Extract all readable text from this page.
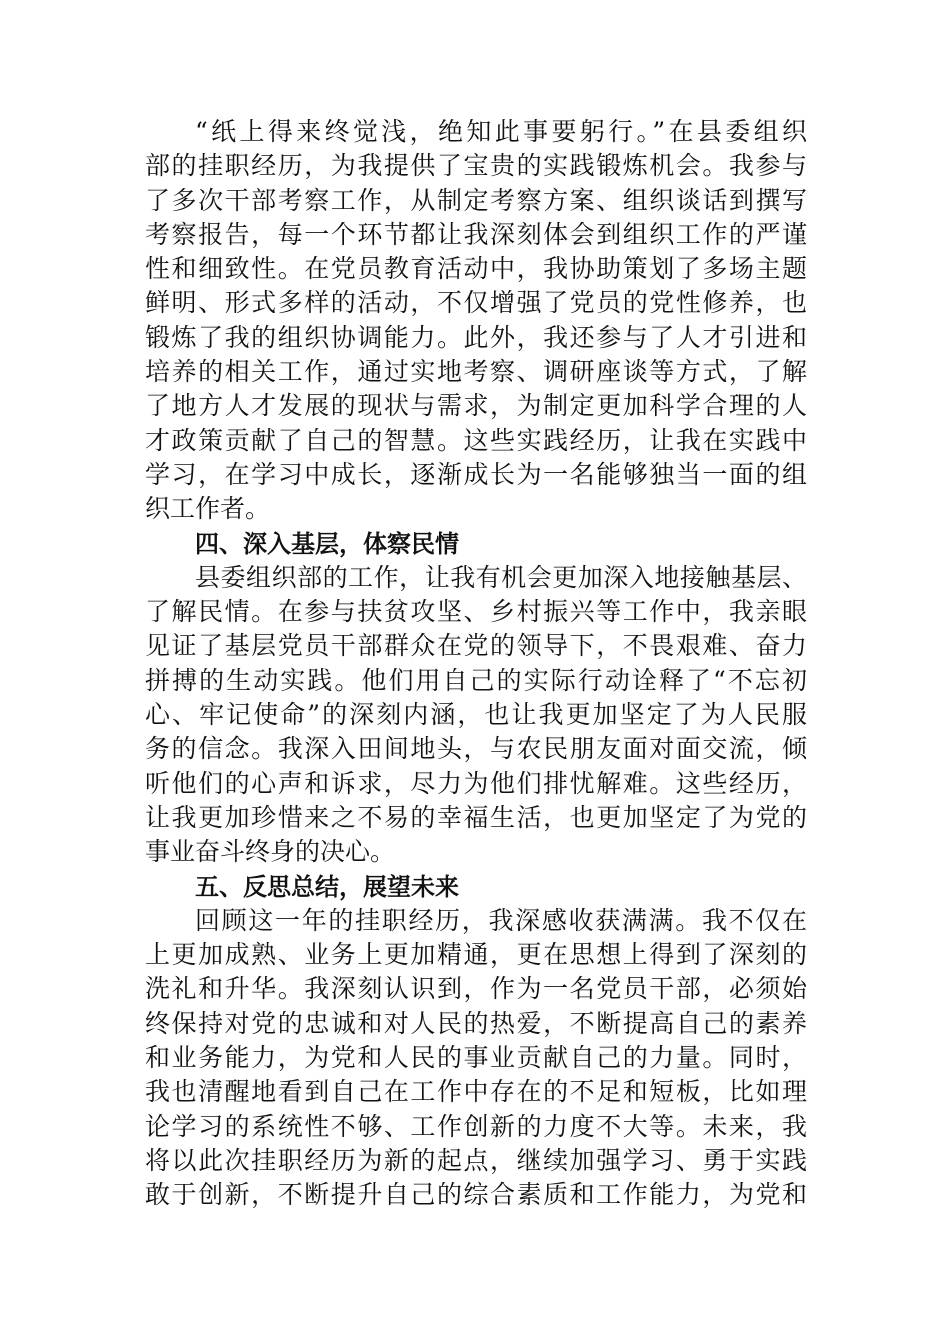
“纸上得来终觉浅，绝知此事要躬行。”在县委组织
部的挂职经历，为我提供了宝贵的实践锻炼机会。我参与
了多次干部考察工作，从制定考察方案、组织谈话到撰写
考察报告，每一个环节都让我深刻体会到组织工作的严谨
性和细致性。在党员教育活动中，我协助策划了多场主题
鲜明、形式多样的活动，不仅增强了党员的党性修养，也
锻炼了我的组织协调能力。此外，我还参与了人才引进和
培养的相关工作，通过实地考察、调研座谈等方式，了解
了地方人才发展的现状与需求，为制定更加科学合理的人
才政策贡献了自己的智慧。这些实践经历，让我在实践中
学习，在学习中成长，逐渐成长为一名能够独当一面的组
织工作者。
四、深入基层，体察民情
县委组织部的工作，让我有机会更加深入地接触基层、
了解民情。在参与扶贫攻坚、乡村振兴等工作中，我亲眼
见证了基层党员干部群众在党的领导下，不畏艰难、奋力
拼搏的生动实践。他们用自己的实际行动诠释了“不忘初
心、牢记使命”的深刻内涵，也让我更加坚定了为人民服
务的信念。我深入田间地头，与农民朋友面对面交流，倾
听他们的心声和诉求，尽力为他们排忧解难。这些经历，
让我更加珍惜来之不易的幸福生活，也更加坚定了为党的
事业奋斗终身的决心。
五、反思总结，展望未来
回顾这一年的挂职经历，我深感收获满满。我不仅在
上更加成熟、业务上更加精通，更在思想上得到了深刻的
洗礼和升华。我深刻认识到，作为一名党员干部，必须始
终保持对党的忠诚和对人民的热爱，不断提高自己的素养
和业务能力，为党和人民的事业贡献自己的力量。同时，
我也清醒地看到自己在工作中存在的不足和短板，比如理
论学习的系统性不够、工作创新的力度不大等。未来，我
将以此次挂职经历为新的起点，继续加强学习、勇于实践
敢于创新，不断提升自己的综合素质和工作能力，为党和
